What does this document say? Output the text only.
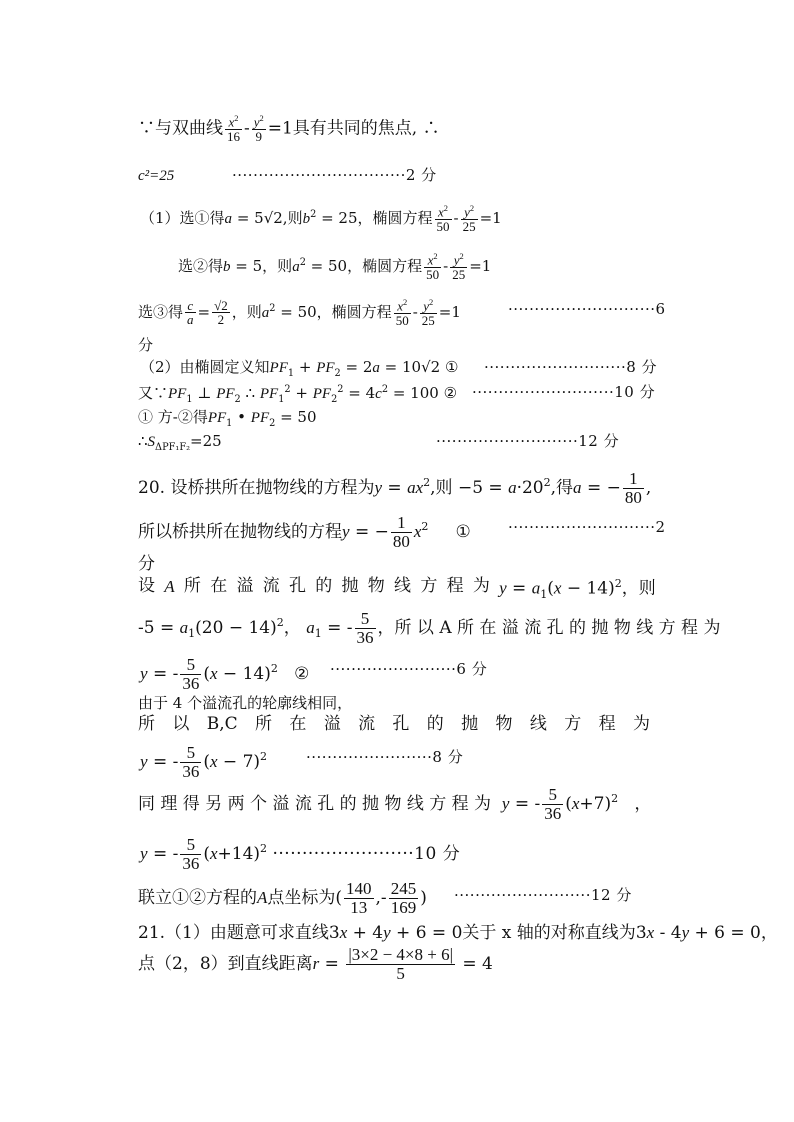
∵与双曲线 $\frac{x^2}{16} - \frac{y^2}{9} =1$具有共同的焦点, ∴
c²=25	·································2 分
（1）选①得a = 5√2,则$b^2 = 25$，椭圆方程 $\frac{x^2}{50} - \frac{y^2}{25} =1$
选②得b = 5，则$a^2 = 50$，椭圆方程 $\frac{x^2}{50} - \frac{y^2}{25} =1$
选③得 $\frac{c}{a} = \frac{√2}{2}$ ，则$a^2 = 50$，椭圆方程 $\frac{x^2}{50} - \frac{y^2}{25} =1$	····························6
分
（2）由椭圆定义知$PF_1 + PF_2 = 2a = 10√2$ ① ···························8 分
又$\because PF_1$ ⊥ $PF_2$ ∴ $PF_1^2 + PF_2^2 = 4c^2 = 100$ ② ···························10 分
① 方-②得$PF_1$ • $PF_2 = 50$
$\therefore S_{\Delta PF_1F_2}=25$	···························12 分
20. 设桥拱所在抛物线的方程为$y = ax^2$,则 $-5 = a\cdot 20^2$,得a = − $\frac{1}{80}$ ,
所以桥拱所在抛物线的方程y = − $\frac{1}{80} x^2$ ① ····························2
分
设 A 所 在 溢 流 孔 的 抛 物 线 方 程 为 $y = a_1(x - 14)^2$，则
$-5 = a_1(20 - 14)^2$， $a_1$ = - $\frac{5}{36}$ ，所 以 A 所 在 溢 流 孔 的 抛 物 线 方 程 为
y = - $\frac{5}{36} (x - 14)^2$ ② ························6 分
由于 4 个溢流孔的轮廓线相同，
所 以 B,C 所 在 溢 流 孔 的 抛 物 线 方 程 为
y = - $\frac{5}{36} (x - 7)^2$	························8 分
同 理 得 另 两 个 溢 流 孔 的 抛 物 线 方 程 为 y = - $\frac{5}{36} (x+7)^2$   ，
y = - $\frac{5}{36} (x+14)^2 \cdot\cdot\cdot\cdot\cdot\cdot\cdot\cdot\cdot\cdot\cdot\cdot\cdot\cdot\cdot\cdot\cdot\cdot\cdot\cdot\cdot\cdot\cdot\cdot 10$ 分
联立①②方程的A点坐标为( $\frac{140}{13}$ ,- $\frac{245}{169}$ ) ··························12 分
21.（1）由题意可求直线3x + 4y + 6 = 0关于 x 轴的对称直线为3x - 4y + 6 = 0，
点（2，8）到直线距离$r = \frac{|3\times 2 - 4\times 8 + 6|}{5} = 4$
